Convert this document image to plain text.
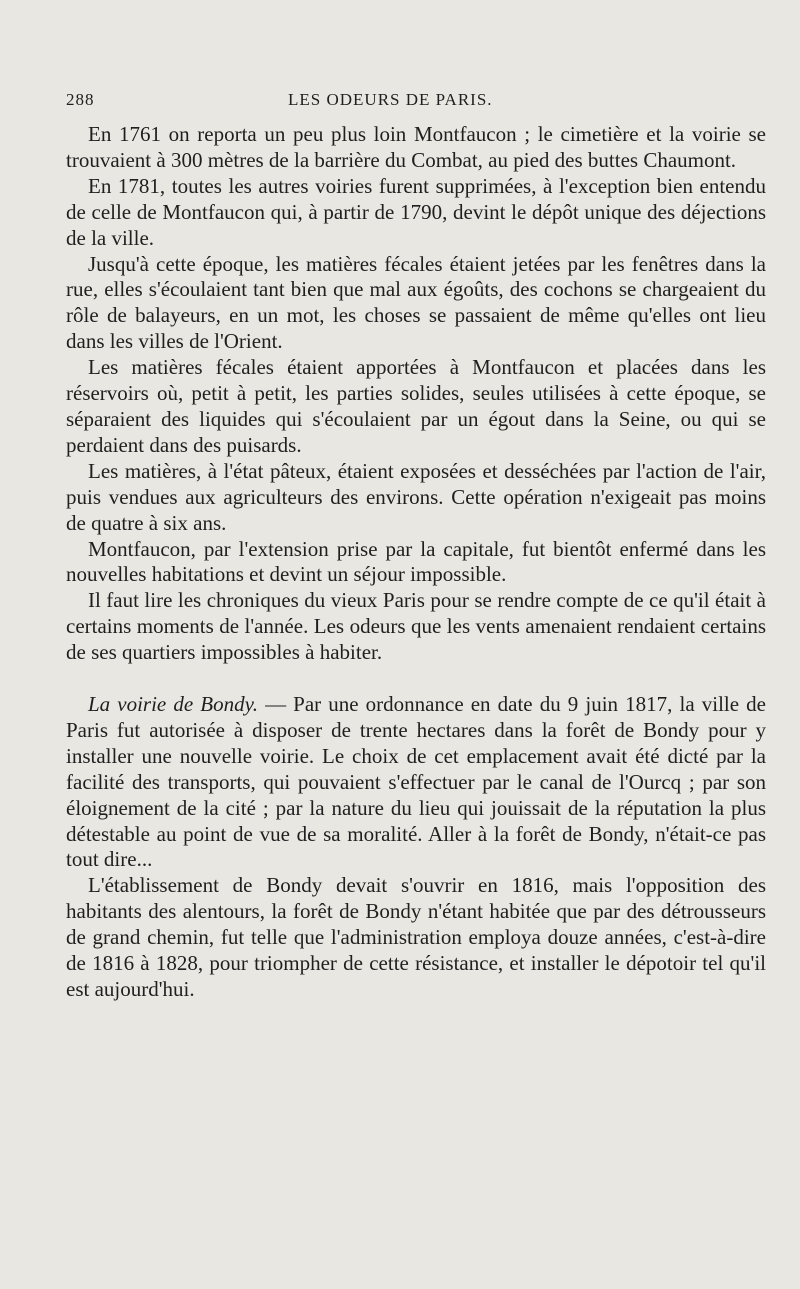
288	LES ODEURS DE PARIS.

En 1761 on reporta un peu plus loin Montfaucon ; le cimetière et la voirie se trouvaient à 300 mètres de la barrière du Combat, au pied des buttes Chaumont.

En 1781, toutes les autres voiries furent supprimées, à l'exception bien entendu de celle de Montfaucon qui, à partir de 1790, devint le dépôt unique des déjections de la ville.

Jusqu'à cette époque, les matières fécales étaient jetées par les fenêtres dans la rue, elles s'écoulaient tant bien que mal aux égoûts, des cochons se chargeaient du rôle de balayeurs, en un mot, les choses se passaient de même qu'elles ont lieu dans les villes de l'Orient.

Les matières fécales étaient apportées à Montfaucon et placées dans les réservoirs où, petit à petit, les parties solides, seules utilisées à cette époque, se séparaient des liquides qui s'écoulaient par un égout dans la Seine, ou qui se perdaient dans des puisards.

Les matières, à l'état pâteux, étaient exposées et desséchées par l'action de l'air, puis vendues aux agriculteurs des environs. Cette opération n'exigeait pas moins de quatre à six ans.

Montfaucon, par l'extension prise par la capitale, fut bientôt enfermé dans les nouvelles habitations et devint un séjour impossible.

Il faut lire les chroniques du vieux Paris pour se rendre compte de ce qu'il était à certains moments de l'année. Les odeurs que les vents amenaient rendaient certains de ses quartiers impossibles à habiter.

La voirie de Bondy. — Par une ordonnance en date du 9 juin 1817, la ville de Paris fut autorisée à disposer de trente hectares dans la forêt de Bondy pour y installer une nouvelle voirie. Le choix de cet emplacement avait été dicté par la facilité des transports, qui pouvaient s'effectuer par le canal de l'Ourcq ; par son éloignement de la cité ; par la nature du lieu qui jouissait de la réputation la plus détestable au point de vue de sa moralité. Aller à la forêt de Bondy, n'était-ce pas tout dire...

L'établissement de Bondy devait s'ouvrir en 1816, mais l'opposition des habitants des alentours, la forêt de Bondy n'étant habitée que par des détrousseurs de grand chemin, fut telle que l'administration employa douze années, c'est-à-dire de 1816 à 1828, pour triompher de cette résistance, et installer le dépotoir tel qu'il est aujourd'hui.
